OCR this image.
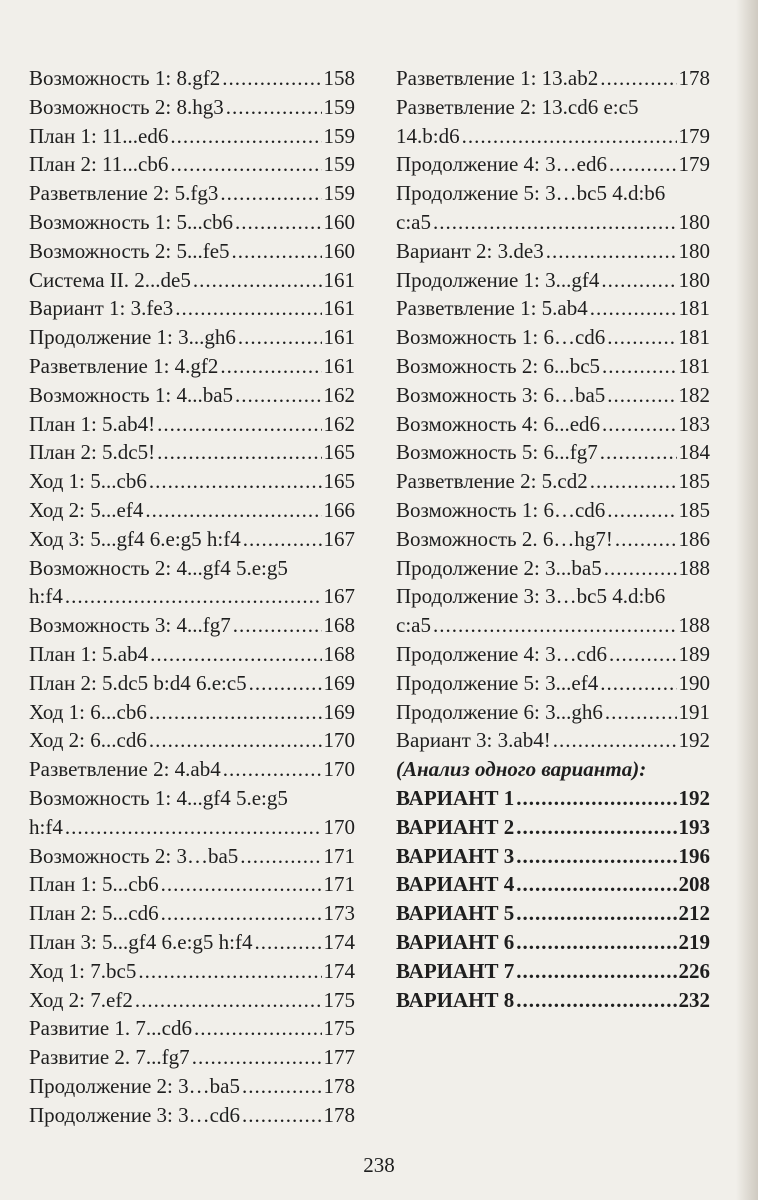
Возможность 1: 8.gf2 .....	158
Возможность 2: 8.hg3 .....	159
План 1: 11...ed6 .....	159
План 2: 11...cb6 .....	159
Разветвление 2: 5.fg3 .....	159
Возможность 1: 5...cb6 .....	160
Возможность 2: 5...fe5 .....	160
Система II. 2...de5 .....	161
Вариант 1: 3.fe3 .....	161
Продолжение 1: 3...gh6 .....	161
Разветвление 1: 4.gf2 .....	161
Возможность 1: 4...ba5 .....	162
План 1: 5.ab4! .....	162
План 2: 5.dc5! .....	165
Ход 1: 5...cb6 .....	165
Ход 2: 5...ef4 .....	166
Ход 3: 5...gf4 6.e:g5 h:f4 .....	167
Возможность 2: 4...gf4 5.e:g5
h:f4 .....	167
Возможность 3: 4...fg7 .....	168
План 1: 5.ab4 .....	168
План 2: 5.dc5 b:d4 6.e:c5 .....	169
Ход 1: 6...cb6 .....	169
Ход 2: 6...cd6 .....	170
Разветвление 2: 4.ab4 .....	170
Возможность 1: 4...gf4 5.e:g5
h:f4 .....	170
Возможность 2: 3…ba5 .....	171
План 1: 5...cb6 .....	171
План 2: 5...cd6 .....	173
План 3: 5...gf4 6.e:g5 h:f4 .....	174
Ход 1: 7.bc5 .....	174
Ход 2: 7.ef2 .....	175
Развитие 1. 7...cd6 .....	175
Развитие 2. 7...fg7 .....	177
Продолжение 2: 3…ba5 .....	178
Продолжение 3: 3…cd6 .....	178
Разветвление 1: 13.ab2 .....	178
Разветвление 2: 13.cd6 e:c5
14.b:d6 .....	179
Продолжение 4: 3…ed6 .....	179
Продолжение 5: 3…bc5 4.d:b6
c:a5 .....	180
Вариант 2: 3.de3 .....	180
Продолжение 1: 3...gf4 .....	180
Разветвление 1: 5.ab4 .....	181
Возможность 1: 6…cd6 .....	181
Возможность 2: 6...bc5 .....	181
Возможность 3: 6…ba5 .....	182
Возможность 4: 6...ed6 .....	183
Возможность 5: 6...fg7 .....	184
Разветвление 2: 5.cd2 .....	185
Возможность 1: 6…cd6 .....	185
Возможность 2. 6…hg7! .....	186
Продолжение 2: 3...ba5 .....	188
Продолжение 3: 3…bc5 4.d:b6
c:a5 .....	188
Продолжение 4: 3…cd6 .....	189
Продолжение 5: 3...ef4 .....	190
Продолжение 6: 3...gh6 .....	191
Вариант 3: 3.ab4! .....	192
(Анализ одного варианта):
ВАРИАНТ 1 .....	192
ВАРИАНТ 2 .....	193
ВАРИАНТ 3 .....	196
ВАРИАНТ 4 .....	208
ВАРИАНТ 5 .....	212
ВАРИАНТ 6 .....	219
ВАРИАНТ 7 .....	226
ВАРИАНТ 8 .....	232
238
